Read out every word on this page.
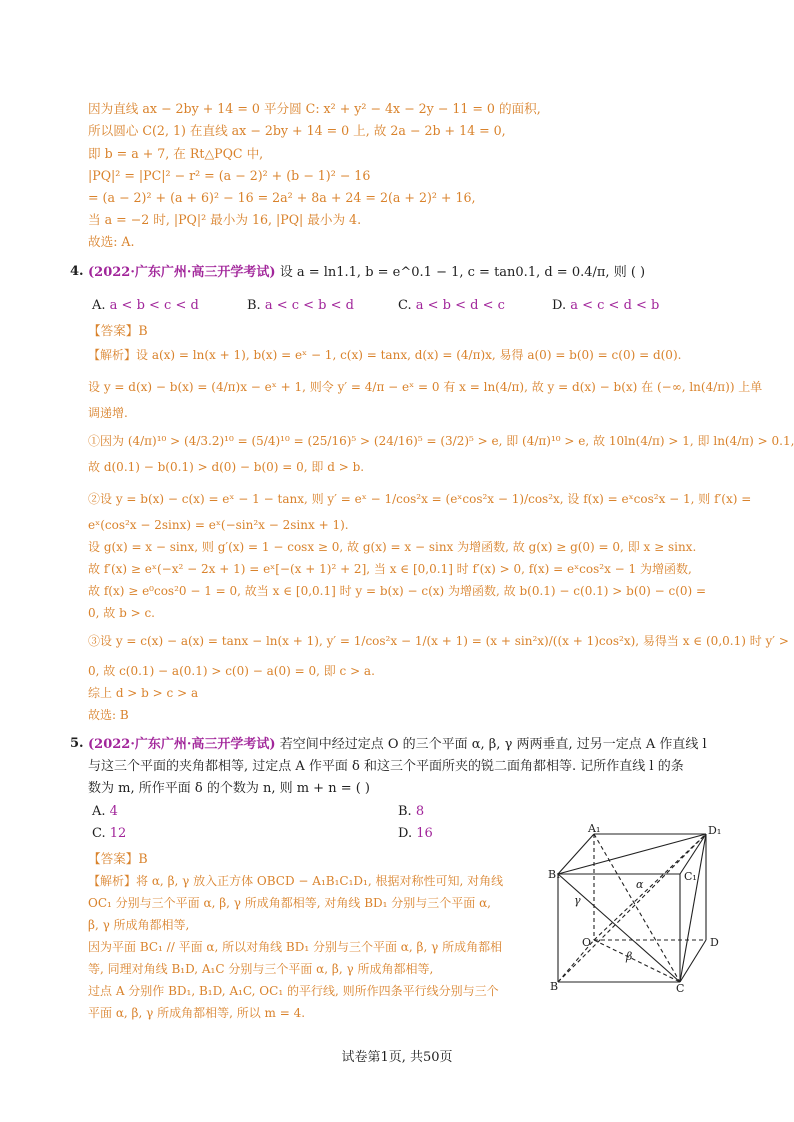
因为直线 ax − 2by + 14 = 0 平分圆 C: x² + y² − 4x − 2y − 11 = 0 的面积,
所以圆心 C(2, 1) 在直线 ax − 2by + 14 = 0 上, 故 2a − 2b + 14 = 0,
即 b = a + 7, 在 Rt△PQC 中,
|PQ|² = |PC|² − r² = (a − 2)² + (b − 1)² − 16
= (a − 2)² + (a + 6)² − 16 = 2a² + 8a + 24 = 2(a + 2)² + 16,
当 a = −2 时, |PQ|² 最小为 16, |PQ| 最小为 4.
故选: A.
4. (2022·广东广州·高三开学考试) 设 a = ln1.1, b = e^0.1 − 1, c = tan0.1, d = 0.4/π, 则 ( )
A. a < b < c < d	B. a < c < b < d	C. a < b < d < c	D. a < c < d < b
【答案】B
【解析】设 a(x) = ln(x + 1), b(x) = eˣ − 1, c(x) = tanx, d(x) = (4/π)x, 易得 a(0) = b(0) = c(0) = d(0).
设 y = d(x) − b(x) = (4/π)x − eˣ + 1, 则令 y′ = 4/π − eˣ = 0 有 x = ln(4/π), 故 y = d(x) − b(x) 在 (−∞, ln(4/π)) 上单
调递增.
①因为 (4/π)¹⁰ > (4/3.2)¹⁰ = (5/4)¹⁰ = (25/16)⁵ > (24/16)⁵ = (3/2)⁵ > e, 即 (4/π)¹⁰ > e, 故 10ln(4/π) > 1, 即 ln(4/π) > 0.1,
故 d(0.1) − b(0.1) > d(0) − b(0) = 0, 即 d > b.
②设 y = b(x) − c(x) = eˣ − 1 − tanx, 则 y′ = eˣ − 1/cos²x = (eˣcos²x − 1)/cos²x, 设 f(x) = eˣcos²x − 1, 则 f′(x) =
eˣ(cos²x − 2sinx) = eˣ(−sin²x − 2sinx + 1).
设 g(x) = x − sinx, 则 g′(x) = 1 − cosx ≥ 0, 故 g(x) = x − sinx 为增函数, 故 g(x) ≥ g(0) = 0, 即 x ≥ sinx.
故 f′(x) ≥ eˣ(−x² − 2x + 1) = eˣ[−(x + 1)² + 2], 当 x ∈ [0,0.1] 时 f′(x) > 0, f(x) = eˣcos²x − 1 为增函数,
故 f(x) ≥ e⁰cos²0 − 1 = 0, 故当 x ∈ [0,0.1] 时 y = b(x) − c(x) 为增函数, 故 b(0.1) − c(0.1) > b(0) − c(0) =
0, 故 b > c.
③设 y = c(x) − a(x) = tanx − ln(x + 1), y′ = 1/cos²x − 1/(x + 1) = (x + sin²x)/((x + 1)cos²x), 易得当 x ∈ (0,0.1) 时 y′ >
0, 故 c(0.1) − a(0.1) > c(0) − a(0) = 0, 即 c > a.
综上 d > b > c > a
故选: B
5. (2022·广东广州·高三开学考试) 若空间中经过定点 O 的三个平面 α, β, γ 两两垂直, 过另一定点 A 作直线 l
与这三个平面的夹角都相等, 过定点 A 作平面 δ 和这三个平面所夹的锐二面角都相等. 记所作直线 l 的条
数为 m, 所作平面 δ 的个数为 n, 则 m + n = ( )
A. 4	B. 8
C. 12	D. 16
【答案】B
【解析】将 α, β, γ 放入正方体 OBCD − A₁B₁C₁D₁, 根据对称性可知, 对角线
OC₁ 分别与三个平面 α, β, γ 所成角都相等, 对角线 BD₁ 分别与三个平面 α,
β, γ 所成角都相等,
因为平面 BC₁ // 平面 α, 所以对角线 BD₁ 分别与三个平面 α, β, γ 所成角都相
等, 同理对角线 B₁D, A₁C 分别与三个平面 α, β, γ 所成角都相等,
过点 A 分别作 BD₁, B₁D, A₁C, OC₁ 的平行线, 则所作四条平行线分别与三个
平面 α, β, γ 所成角都相等, 所以 m = 4.
A₁	D₁
B₁	C₁
O	D
B	C
α
β
γ
试卷第1页, 共50页
